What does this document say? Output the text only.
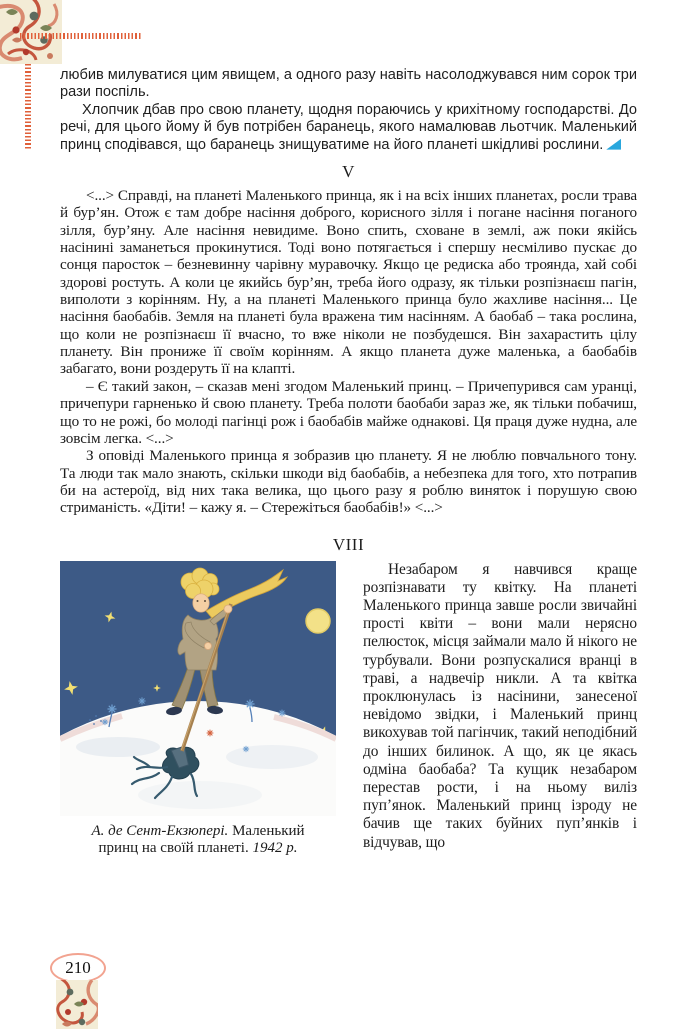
любив милуватися цим явищем, а одного разу навіть насолоджувався ним сорок три рази поспіль.

Хлопчик дбав про свою планету, щодня пораючись у крихітному господарстві. До речі, для цього йому й був потрібен баранець, якого намалював льотчик. Маленький принц сподівався, що баранець знищуватиме на його планеті шкідливі рослини.

V

<...> Справді, на планеті Маленького принца, як і на всіх інших планетах, росли трава й бур’ян. Отож є там добре насіння доброго, корисного зілля і погане насіння поганого зілля, бур’яну. Але насіння невидиме. Воно спить, сховане в землі, аж поки якійсь насінині заманеться прокинутися. Тоді воно потягається і спершу несміливо пускає до сонця паросток – безневинну чарівну муравочку. Якщо це редиска або троянда, хай собі здорові ростуть. А коли це якийсь бур’ян, треба його одразу, як тільки розпізнаєш пагін, виполоти з корінням. Ну, а на планеті Маленького принца було жахливе насіння... Це насіння баобабів. Земля на планеті була вражена тим насінням. А баобаб – така рослина, що коли не розпізнаєш її вчасно, то вже ніколи не позбудешся. Він захарастить цілу планету. Він прониже її своїм корінням. А якщо планета дуже маленька, а баобабів забагато, вони роздеруть її на клапті.

– Є такий закон, – сказав мені згодом Маленький принц. – Причепурився сам уранці, причепури гарненько й свою планету. Треба полоти баобаби зараз же, як тільки побачиш, що то не рожі, бо молоді пагінці рож і баобабів майже однакові. Ця праця дуже нудна, але зовсім легка. <...>

З оповіді Маленького принца я зобразив цю планету. Я не люблю повчального тону. Та люди так мало знають, скільки шкоди від баобабів, а небезпека для того, хто потрапив би на астероїд, від них така велика, що цього разу я роблю виняток і порушую свою стриманість. «Діти! – кажу я. – Стережіться баобабів!» <...>

VIII
А. де Сент-Екзюпері. Маленький принц на своїй планеті. 1942 р.

Незабаром я навчився краще розпізнавати ту квітку. На планеті Маленького принца завше росли звичайні прості квіти – вони мали нерясно пелюсток, місця займали мало й нікого не турбували. Вони розпускалися вранці в траві, а надвечір никли. А та квітка проклюнулась із насінини, занесеної невідомо звідки, і Маленький принц викохував той пагінчик, такий неподібний до інших билинок. А що, як це якась одміна баобаба? Та кущик незабаром перестав рости, і на ньому виліз пуп’янок. Маленький принц ізроду не бачив ще таких буйних пуп’янків і відчував, що

210
